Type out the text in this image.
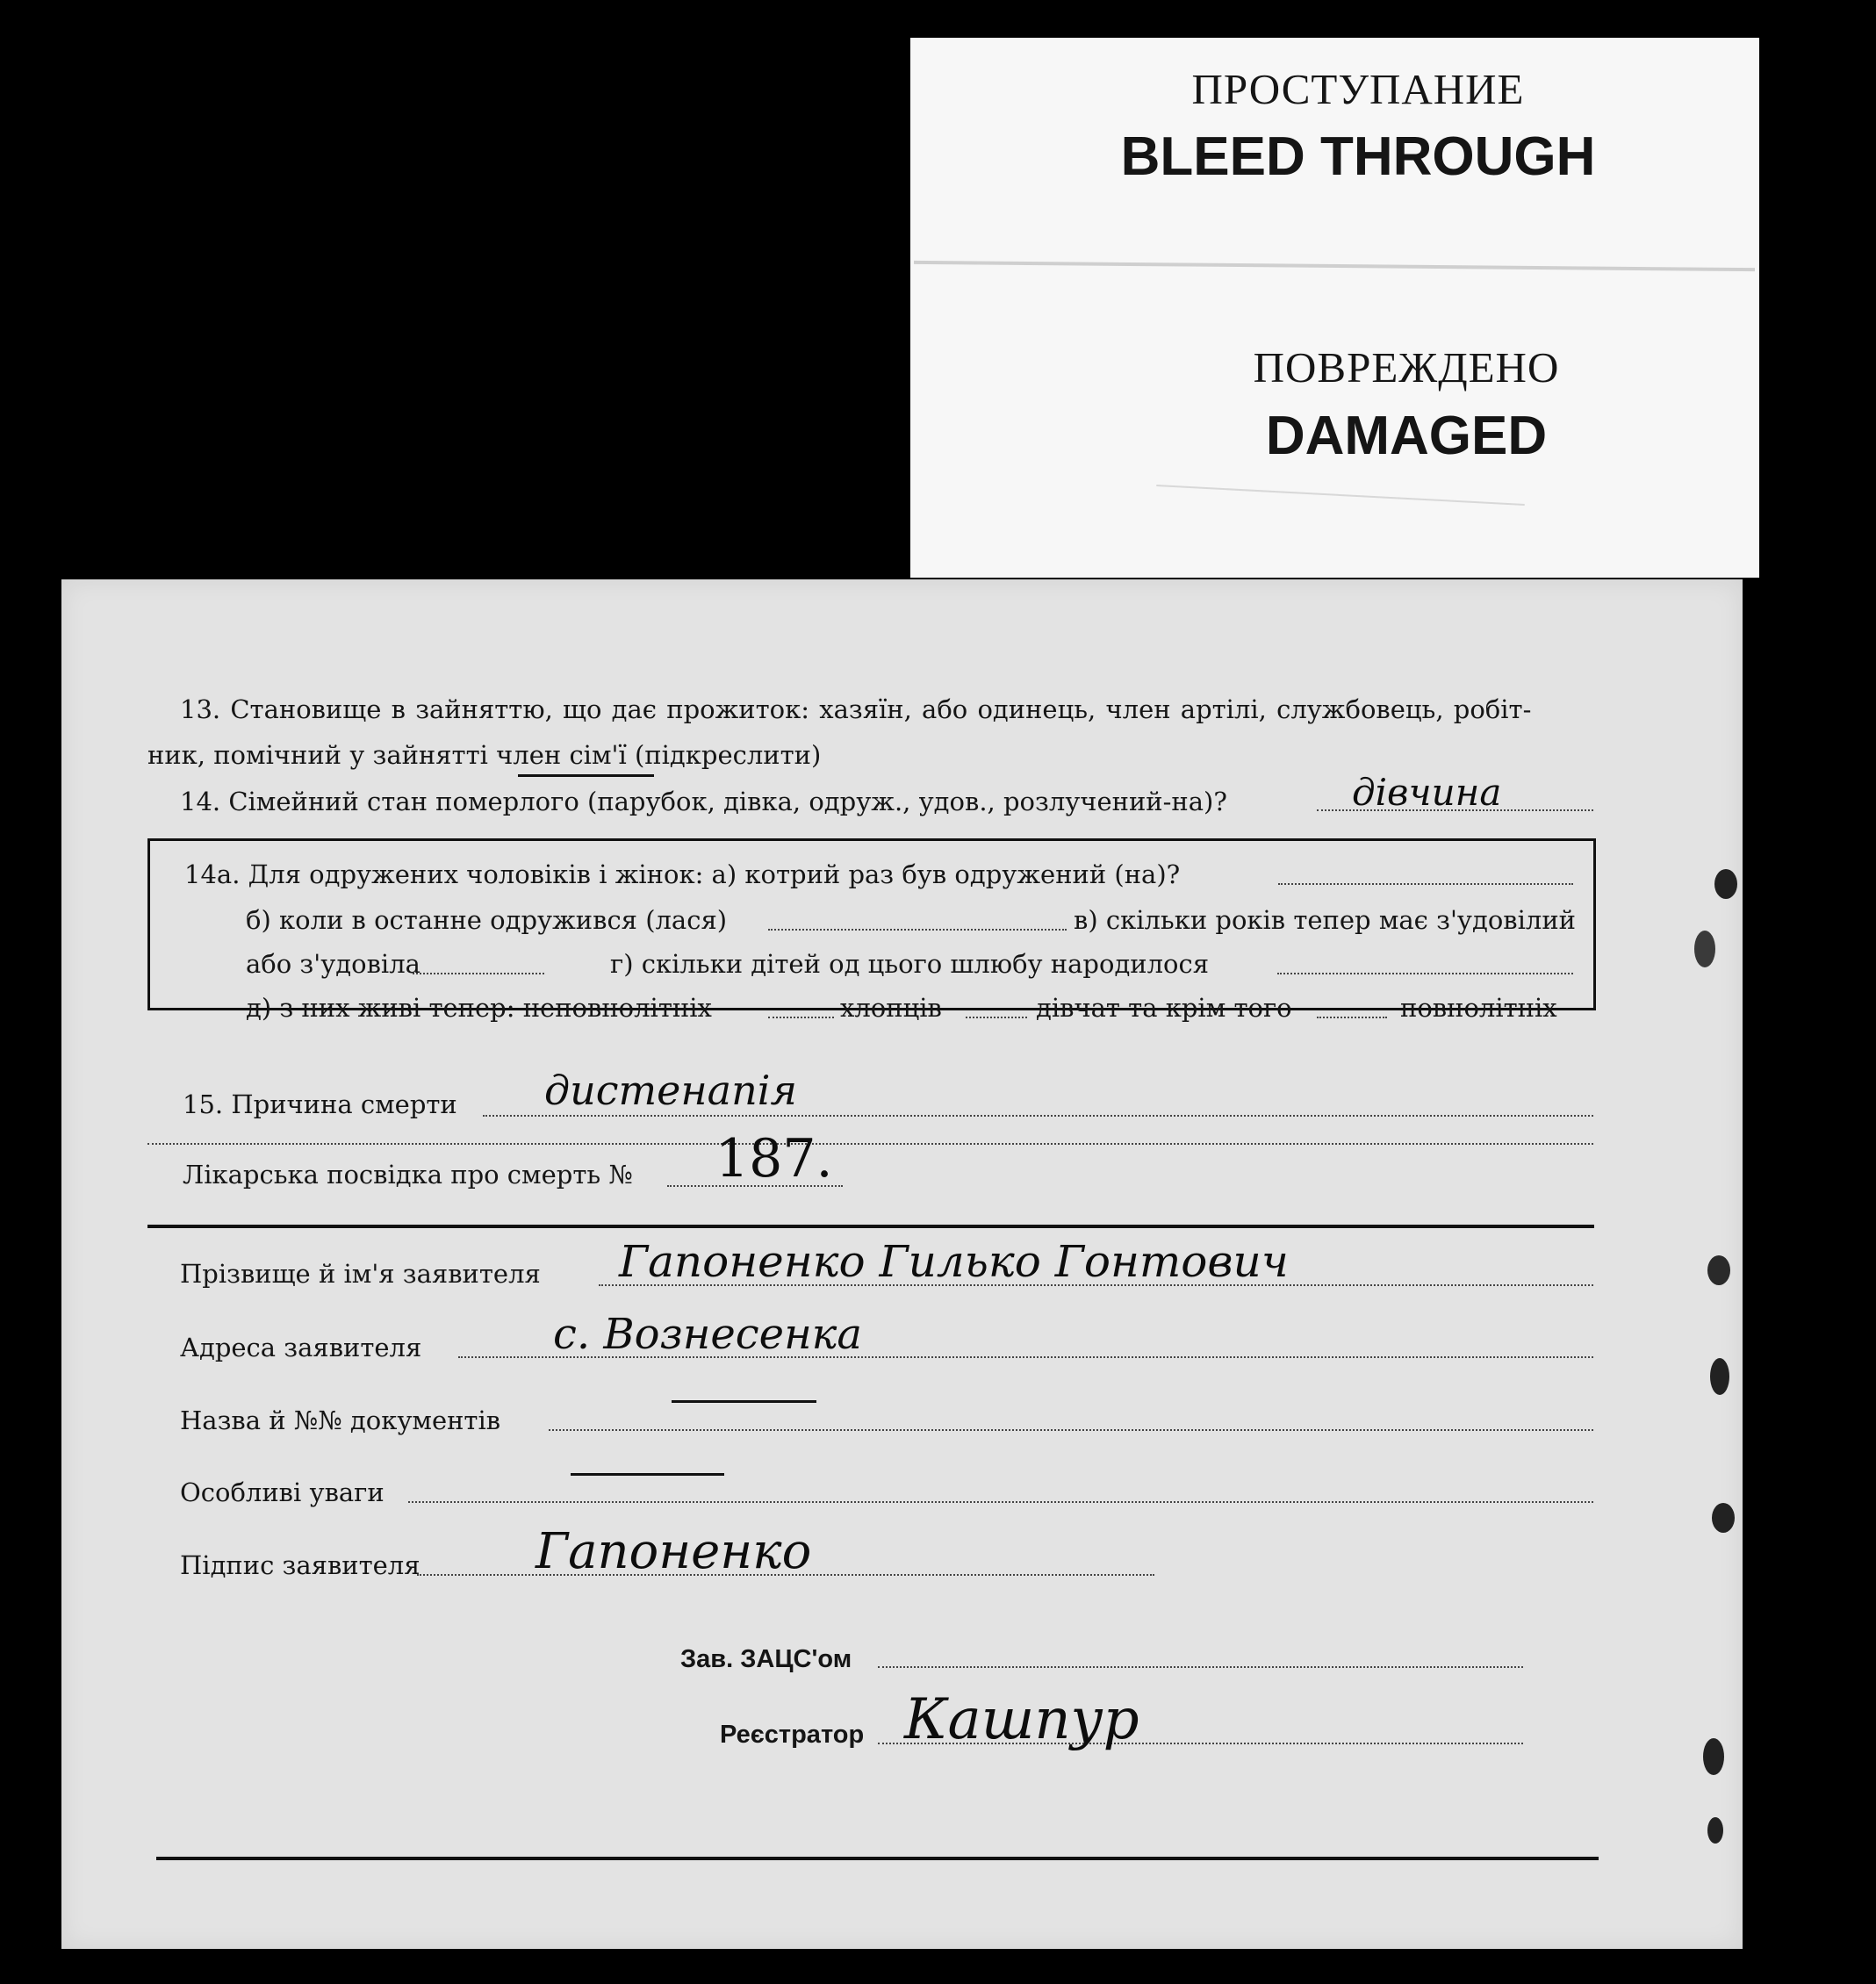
ПРОСТУПАНИЕ
BLEED THROUGH
ПОВРЕЖДЕНО
DAMAGED
13. Становище в зайняттю, що дає прожиток: хазяїн, або одинець, член артілі, службовець, робіт-
ник, помічний у зайнятті член сім'ї (підкреслити)
14. Сімейний стан померлого (парубок, дівка, одруж., удов., розлучений-на)?	дівчина
14а. Для одружених чоловіків і жінок: а) котрий раз був одружений (на)?
б) коли в останне одружився (лася)	в) скільки років тепер має з'удовілий
або з'удовіла	г) скільки дітей од цього шлюбу народилося
д) з них живі тепер: неповнолітніх	хлопців	дівчат та крім того	повнолітніх
15. Причина смерти дистенапія
Лікарська посвідка про смерть № 187.
Прізвище й ім'я заявителя Гапоненко Гилько Гонтович
Адреса заявителя	с. Вознесенка
Назва й №№ документів
Особливі уваги
Підпис заявителя Гапоненко
Зав. ЗАЦС'ом
Реєстратор Кашпур
